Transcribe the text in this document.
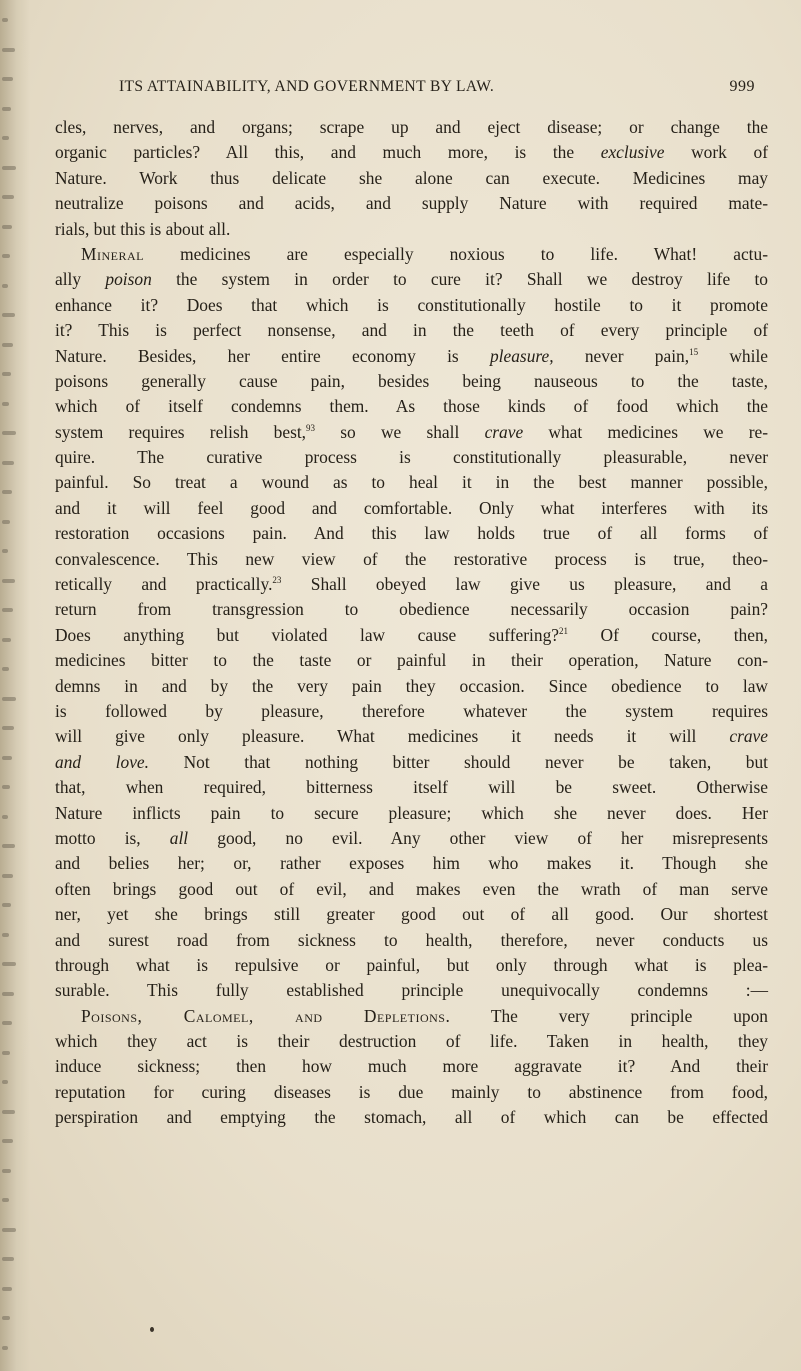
ITS ATTAINABILITY, AND GOVERNMENT BY LAW.	999
cles, nerves, and organs; scrape up and eject disease; or change the
organic particles? All this, and much more, is the exclusive work of
Nature. Work thus delicate she alone can execute. Medicines may
neutralize poisons and acids, and supply Nature with required mate-
rials, but this is about all.
Mineral medicines are especially noxious to life. What! actu-
ally poison the system in order to cure it? Shall we destroy life to
enhance it? Does that which is constitutionally hostile to it promote
it? This is perfect nonsense, and in the teeth of every principle of
Nature. Besides, her entire economy is pleasure, never pain,$^{15}$ while
poisons generally cause pain, besides being nauseous to the taste,
which of itself condemns them. As those kinds of food which the
system requires relish best,$^{93}$ so we shall crave what medicines we re-
quire. The curative process is constitutionally pleasurable, never
painful. So treat a wound as to heal it in the best manner possible,
and it will feel good and comfortable. Only what interferes with its
restoration occasions pain. And this law holds true of all forms of
convalescence. This new view of the restorative process is true, theo-
retically and practically.$^{23}$ Shall obeyed law give us pleasure, and a
return from transgression to obedience necessarily occasion pain?
Does anything but violated law cause suffering?$^{21}$ Of course, then,
medicines bitter to the taste or painful in their operation, Nature con-
demns in and by the very pain they occasion. Since obedience to law
is followed by pleasure, therefore whatever the system requires
will give only pleasure. What medicines it needs it will crave
and love. Not that nothing bitter should never be taken, but
that, when required, bitterness itself will be sweet. Otherwise
Nature inflicts pain to secure pleasure; which she never does. Her
motto is, all good, no evil. Any other view of her misrepresents
and belies her; or, rather exposes him who makes it. Though she
often brings good out of evil, and makes even the wrath of man serve
ner, yet she brings still greater good out of all good. Our shortest
and surest road from sickness to health, therefore, never conducts us
through what is repulsive or painful, but only through what is plea-
surable. This fully established principle unequivocally condemns :—
Poisons, Calomel, and Depletions. The very principle upon
which they act is their destruction of life. Taken in health, they
induce sickness; then how much more aggravate it? And their
reputation for curing diseases is due mainly to abstinence from food,
perspiration and emptying the stomach, all of which can be effected
